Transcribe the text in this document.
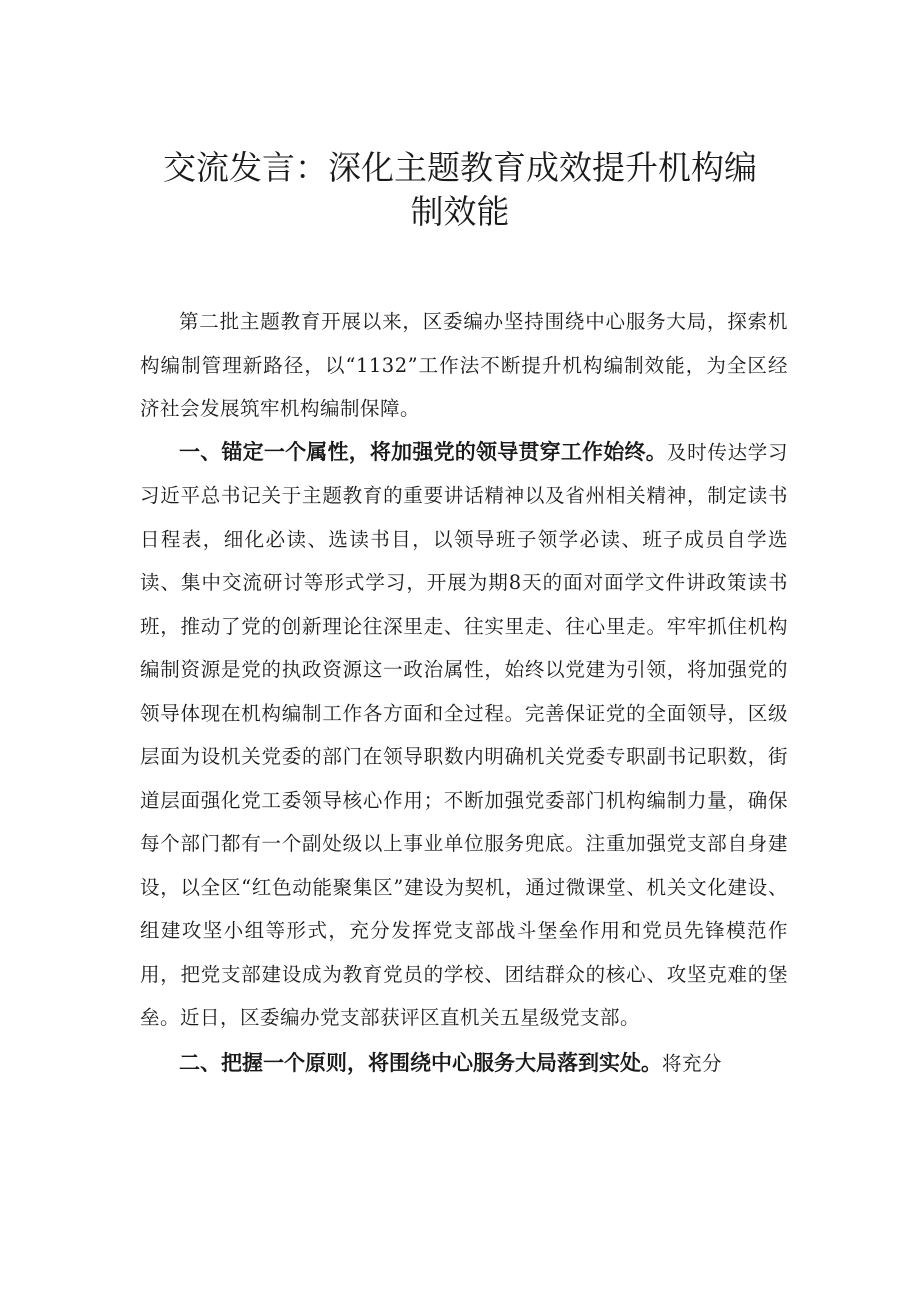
交流发言：深化主题教育成效提升机构编
制效能

第二批主题教育开展以来，区委编办坚持围绕中心服务大局，探索机构编制管理新路径，以“1132”工作法不断提升机构编制效能，为全区经济社会发展筑牢机构编制保障。

一、锚定一个属性，将加强党的领导贯穿工作始终。及时传达学习习近平总书记关于主题教育的重要讲话精神以及省州相关精神，制定读书日程表，细化必读、选读书目，以领导班子领学必读、班子成员自学选读、集中交流研讨等形式学习，开展为期8天的面对面学文件讲政策读书班，推动了党的创新理论往深里走、往实里走、往心里走。牢牢抓住机构编制资源是党的执政资源这一政治属性，始终以党建为引领，将加强党的领导体现在机构编制工作各方面和全过程。完善保证党的全面领导，区级层面为设机关党委的部门在领导职数内明确机关党委专职副书记职数，街道层面强化党工委领导核心作用；不断加强党委部门机构编制力量，确保每个部门都有一个副处级以上事业单位服务兜底。注重加强党支部自身建设，以全区“红色动能聚集区”建设为契机，通过微课堂、机关文化建设、组建攻坚小组等形式，充分发挥党支部战斗堡垒作用和党员先锋模范作用，把党支部建设成为教育党员的学校、团结群众的核心、攻坚克难的堡垒。近日，区委编办党支部获评区直机关五星级党支部。

二、把握一个原则，将围绕中心服务大局落到实处。将充分
